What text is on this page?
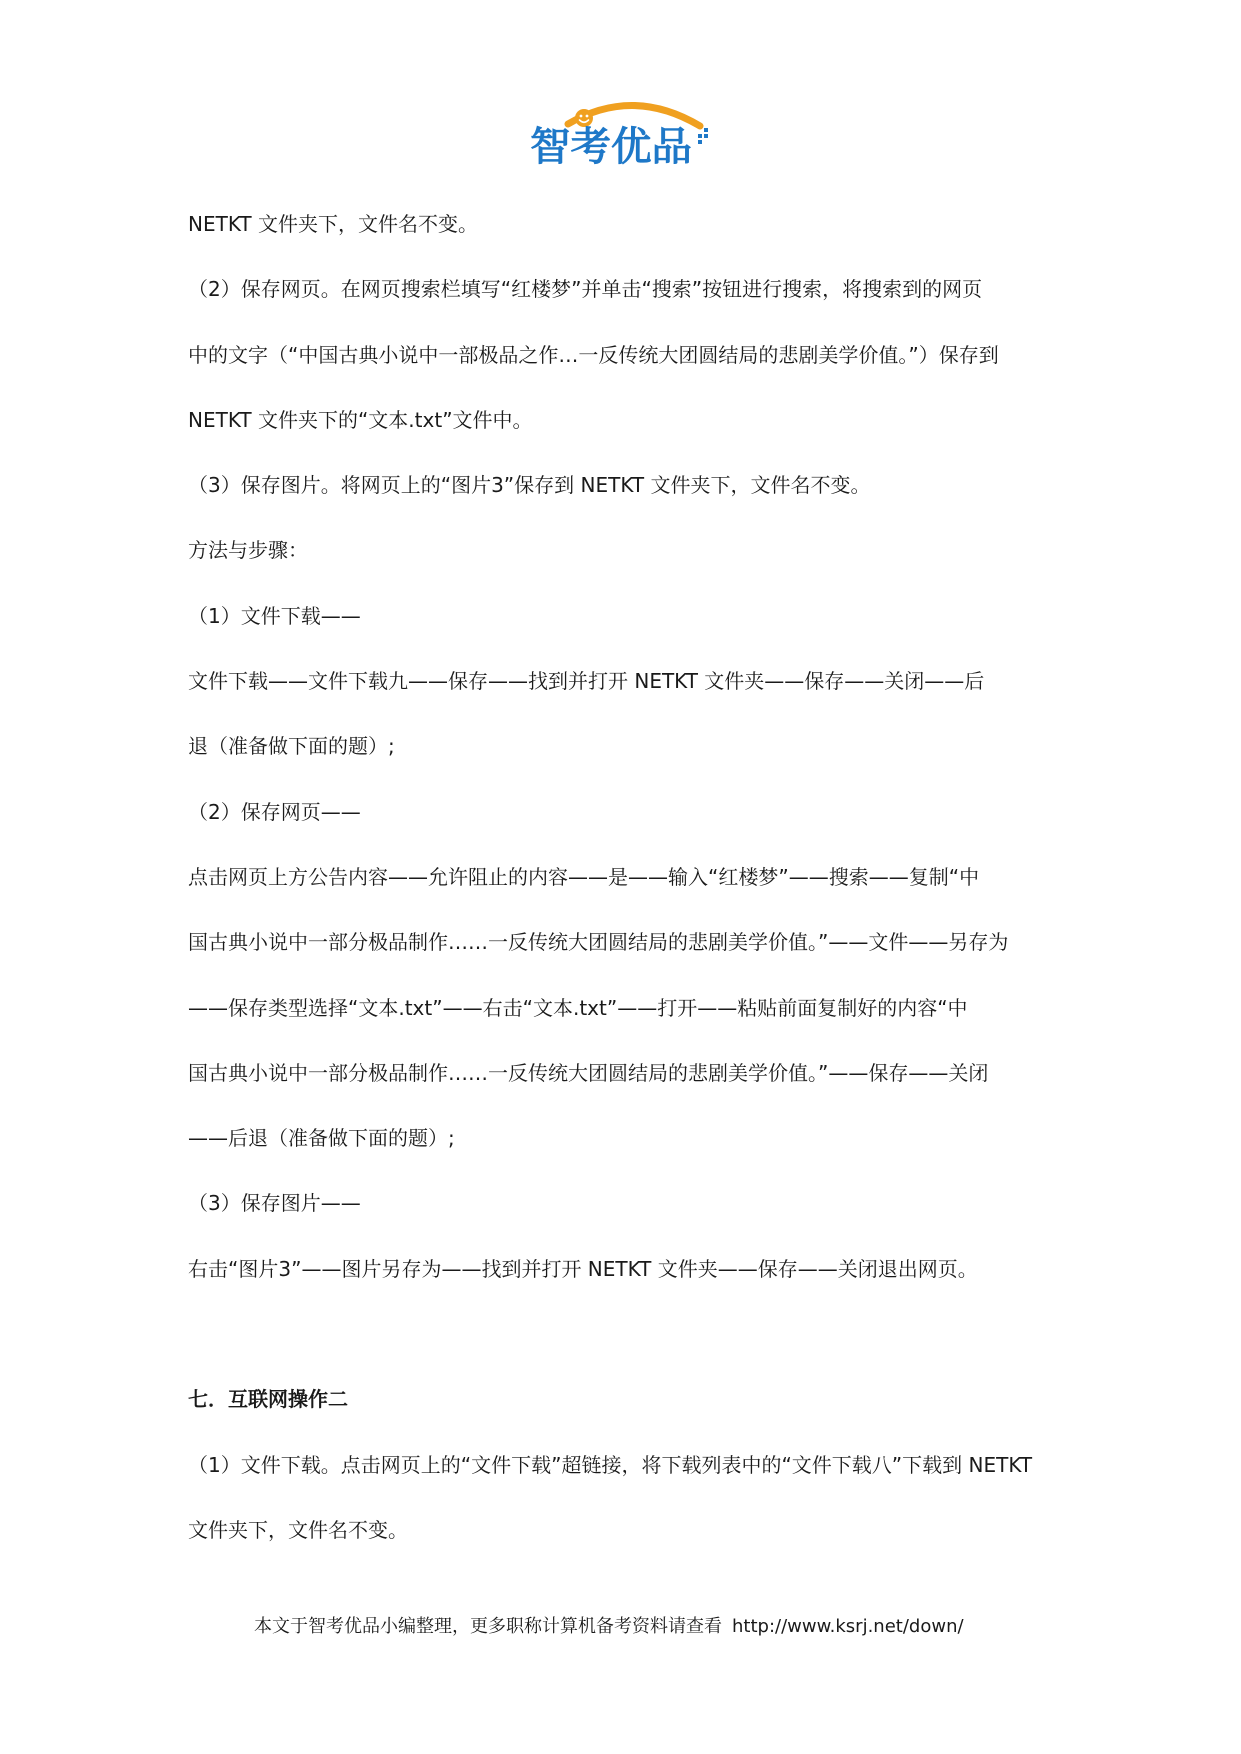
智考优品
NETKT 文件夹下，文件名不变。
（2）保存网页。在网页搜索栏填写“红楼梦”并单击“搜索”按钮进行搜索，将搜索到的网页
中的文字（“中国古典小说中一部极品之作…一反传统大团圆结局的悲剧美学价值。”）保存到
NETKT 文件夹下的“文本.txt”文件中。
（3）保存图片。将网页上的“图片3”保存到 NETKT 文件夹下，文件名不变。
方法与步骤：
（1）文件下载——
文件下载——文件下载九——保存——找到并打开 NETKT 文件夹——保存——关闭——后
退（准备做下面的题）;
（2）保存网页——
点击网页上方公告内容——允许阻止的内容——是——输入“红楼梦”——搜索——复制“中
国古典小说中一部分极品制作……一反传统大团圆结局的悲剧美学价值。”——文件——另存为
——保存类型选择“文本.txt”——右击“文本.txt”——打开——粘贴前面复制好的内容“中
国古典小说中一部分极品制作……一反传统大团圆结局的悲剧美学价值。”——保存——关闭
——后退（准备做下面的题）;
（3）保存图片——
右击“图片3”——图片另存为——找到并打开 NETKT 文件夹——保存——关闭退出网页。
七．互联网操作二
（1）文件下载。点击网页上的“文件下载”超链接，将下载列表中的“文件下载八”下载到 NETKT
文件夹下，文件名不变。
本文于智考优品小编整理，更多职称计算机备考资料请查看 http://www.ksrj.net/down/
